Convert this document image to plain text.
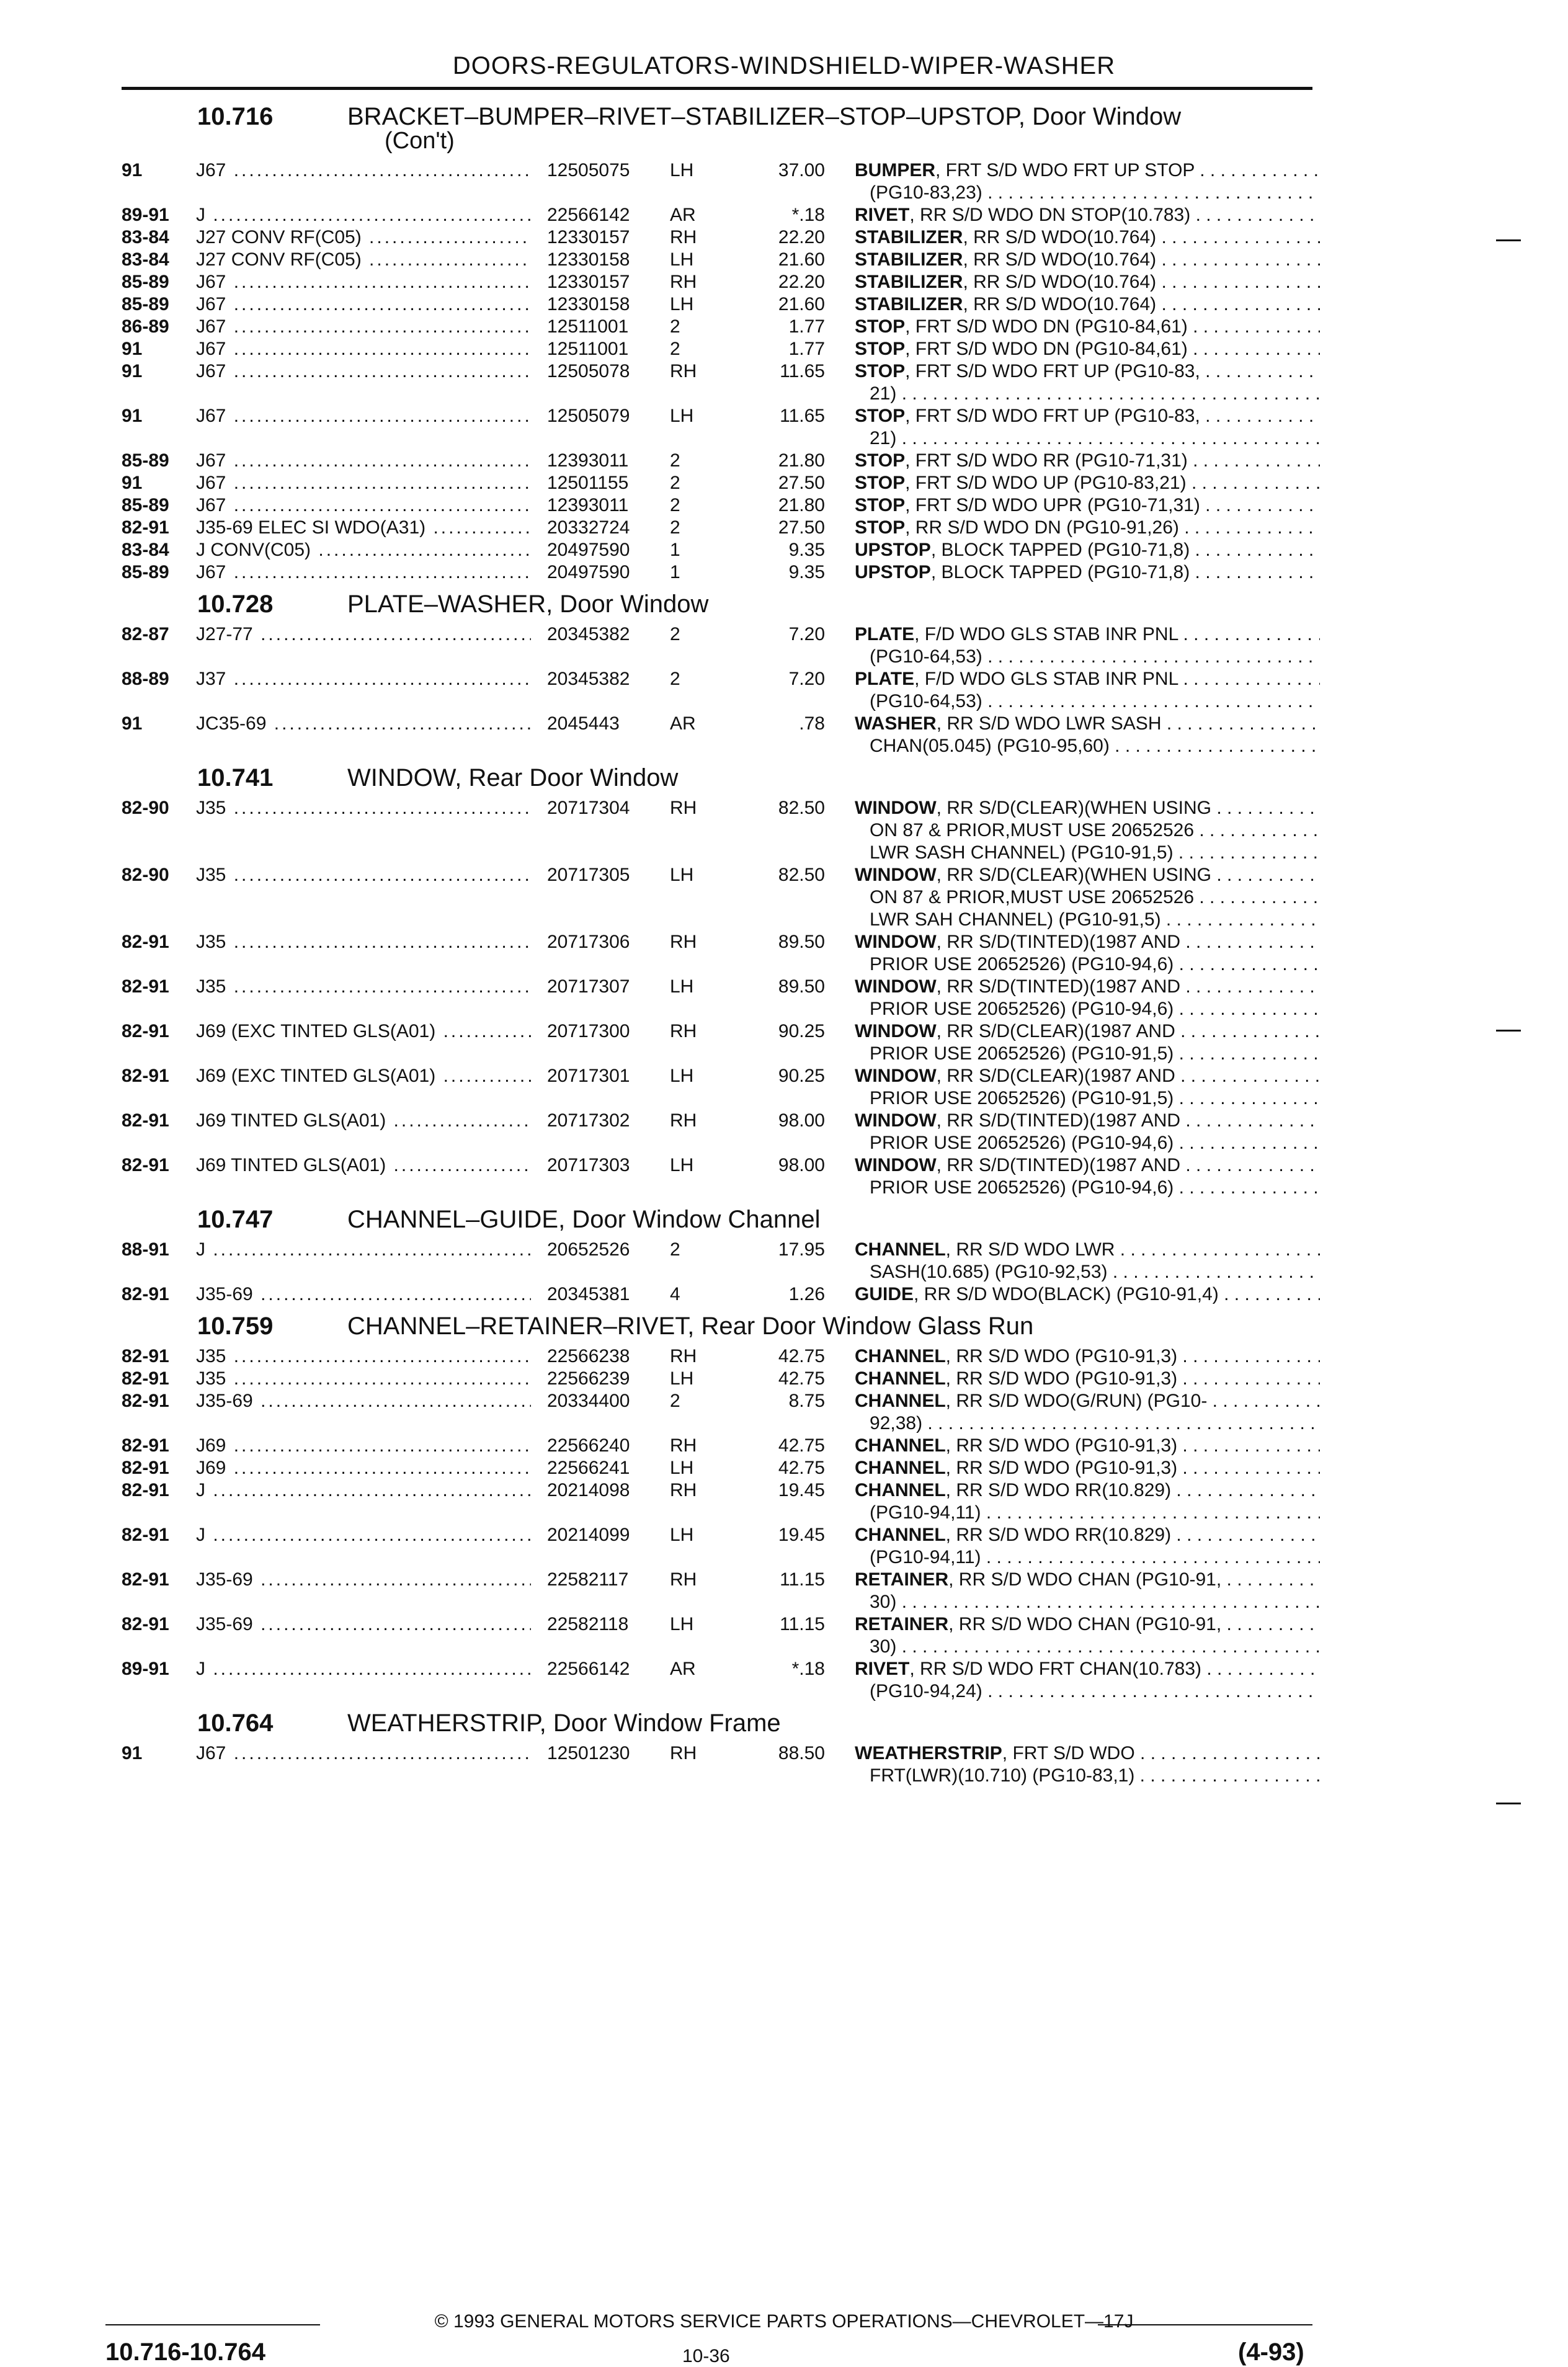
DOORS-REGULATORS-WINDSHIELD-WIPER-WASHER
10.716	BRACKET–BUMPER–RIVET–STABILIZER–STOP–UPSTOP, Door Window
(Con't)
91	J67 .....	12505075 LH	37.00 BUMPER, FRT S/D WDO FRT UP STOP . . .
(PG10-83,23) . . .
89-91 J .....	22566142 AR	*.18 RIVET, RR S/D WDO DN STOP(10.783) . . .
83-84 J27 CONV RF(C05) .....	12330157 RH	22.20 STABILIZER, RR S/D WDO(10.764) . . .
83-84 J27 CONV RF(C05) .....	12330158 LH	21.60 STABILIZER, RR S/D WDO(10.764) . . .
85-89 J67 .....	12330157 RH	22.20 STABILIZER, RR S/D WDO(10.764) . . .
85-89 J67 .....	12330158 LH	21.60 STABILIZER, RR S/D WDO(10.764) . . .
86-89 J67 .....	12511001 2	1.77 STOP, FRT S/D WDO DN (PG10-84,61) . . .
91	J67 .....	12511001 2	1.77 STOP, FRT S/D WDO DN (PG10-84,61) . . .
91	J67 .....	12505078 RH	11.65 STOP, FRT S/D WDO FRT UP (PG10-83, . . .
21) . . .
91	J67 .....	12505079 LH	11.65 STOP, FRT S/D WDO FRT UP (PG10-83, . . .
21) . . .
85-89 J67 .....	12393011 2	21.80 STOP, FRT S/D WDO RR (PG10-71,31) . . .
91	J67 .....	12501155 2	27.50 STOP, FRT S/D WDO UP (PG10-83,21) . . .
85-89 J67 .....	12393011 2	21.80 STOP, FRT S/D WDO UPR (PG10-71,31) . . .
82-91 J35-69 ELEC SI WDO(A31) .....	20332724 2	27.50 STOP, RR S/D WDO DN (PG10-91,26) . . .
83-84 J CONV(C05) .....	20497590 1	9.35 UPSTOP, BLOCK TAPPED (PG10-71,8) . . .
85-89 J67 .....	20497590 1	9.35 UPSTOP, BLOCK TAPPED (PG10-71,8) . . .
10.728	PLATE–WASHER, Door Window
82-87 J27-77 .....	20345382 2	7.20 PLATE, F/D WDO GLS STAB INR PNL . . .
(PG10-64,53) . . .
88-89 J37 .....	20345382 2	7.20 PLATE, F/D WDO GLS STAB INR PNL . . .
(PG10-64,53) . . .
91	JC35-69 .....	2045443	AR	.78 WASHER, RR S/D WDO LWR SASH . . .
CHAN(05.045) (PG10-95,60) . . .
10.741	WINDOW, Rear Door Window
82-90 J35 .....	20717304 RH	82.50 WINDOW, RR S/D(CLEAR)(WHEN USING . . .
ON 87 & PRIOR,MUST USE 20652526 . . .
LWR SASH CHANNEL) (PG10-91,5) . . .
82-90 J35 .....	20717305 LH	82.50 WINDOW, RR S/D(CLEAR)(WHEN USING . . .
ON 87 & PRIOR,MUST USE 20652526 . . .
LWR SAH CHANNEL) (PG10-91,5) . . .
82-91 J35 .....	20717306 RH	89.50 WINDOW, RR S/D(TINTED)(1987 AND . . .
PRIOR USE 20652526) (PG10-94,6) . . .
82-91 J35 .....	20717307 LH	89.50 WINDOW, RR S/D(TINTED)(1987 AND . . .
PRIOR USE 20652526) (PG10-94,6) . . .
82-91 J69 (EXC TINTED GLS(A01) .....	20717300 RH	90.25 WINDOW, RR S/D(CLEAR)(1987 AND . . .
PRIOR USE 20652526) (PG10-91,5) . . .
82-91 J69 (EXC TINTED GLS(A01) .....	20717301 LH	90.25 WINDOW, RR S/D(CLEAR)(1987 AND . . .
PRIOR USE 20652526) (PG10-91,5) . . .
82-91 J69 TINTED GLS(A01) .....	20717302 RH	98.00 WINDOW, RR S/D(TINTED)(1987 AND . . .
PRIOR USE 20652526) (PG10-94,6) . . .
82-91 J69 TINTED GLS(A01) .....	20717303 LH	98.00 WINDOW, RR S/D(TINTED)(1987 AND . . .
PRIOR USE 20652526) (PG10-94,6) . . .
10.747	CHANNEL–GUIDE, Door Window Channel
88-91 J .....	20652526 2	17.95 CHANNEL, RR S/D WDO LWR . . .
SASH(10.685) (PG10-92,53) . . .
82-91 J35-69 .....	20345381 4	1.26 GUIDE, RR S/D WDO(BLACK) (PG10-91,4) . . .
10.759	CHANNEL–RETAINER–RIVET, Rear Door Window Glass Run
82-91 J35 .....	22566238 RH	42.75 CHANNEL, RR S/D WDO (PG10-91,3) . . .
82-91 J35 .....	22566239 LH	42.75 CHANNEL, RR S/D WDO (PG10-91,3) . . .
82-91 J35-69 .....	20334400 2	8.75 CHANNEL, RR S/D WDO(G/RUN) (PG10- . . .
92,38) . . .
82-91 J69 .....	22566240 RH	42.75 CHANNEL, RR S/D WDO (PG10-91,3) . . .
82-91 J69 .....	22566241 LH	42.75 CHANNEL, RR S/D WDO (PG10-91,3) . . .
82-91 J .....	20214098 RH	19.45 CHANNEL, RR S/D WDO RR(10.829) . . .
(PG10-94,11) . . .
82-91 J .....	20214099 LH	19.45 CHANNEL, RR S/D WDO RR(10.829) . . .
(PG10-94,11) . . .
82-91 J35-69 .....	22582117 RH	11.15 RETAINER, RR S/D WDO CHAN (PG10-91, . . .
30) . . .
82-91 J35-69 .....	22582118 LH	11.15 RETAINER, RR S/D WDO CHAN (PG10-91, . . .
30) . . .
89-91 J .....	22566142 AR	*.18 RIVET, RR S/D WDO FRT CHAN(10.783) . . .
(PG10-94,24) . . .
10.764	WEATHERSTRIP, Door Window Frame
91	J67 .....	12501230 RH	88.50 WEATHERSTRIP, FRT S/D WDO . . .
FRT(LWR)(10.710) (PG10-83,1) . . .
© 1993 GENERAL MOTORS SERVICE PARTS OPERATIONS—CHEVROLET—17J
10.716-10.764	10-36	(4-93)
